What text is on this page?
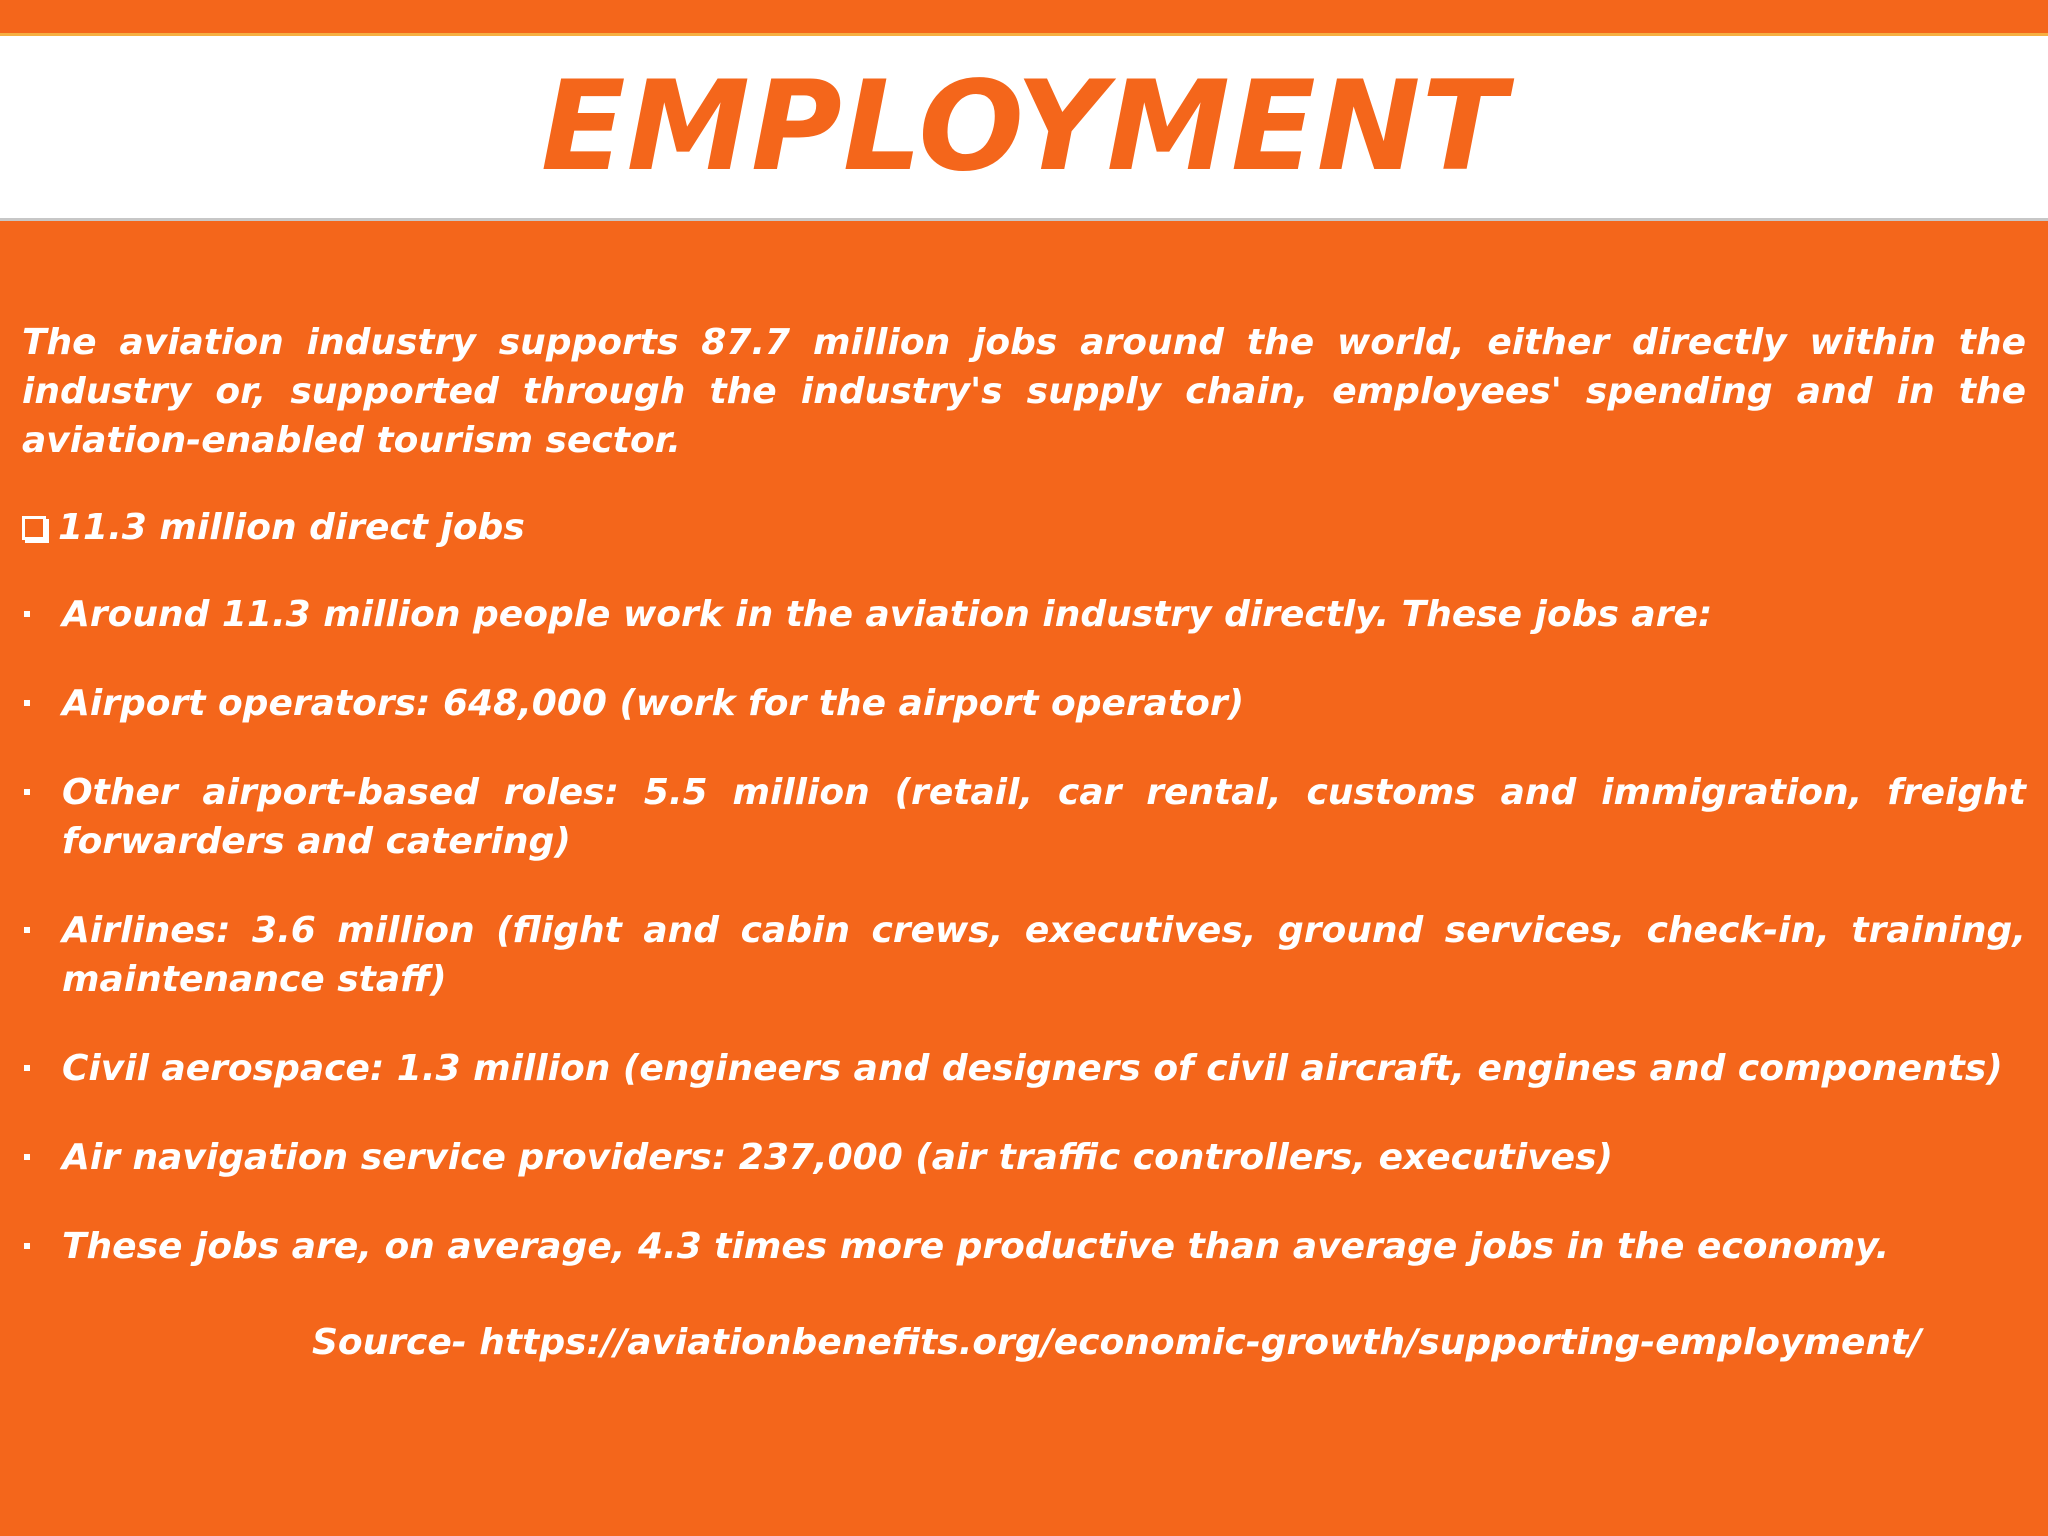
EMPLOYMENT

The aviation industry supports 87.7 million jobs around the world, either directly within the industry or, supported through the industry's supply chain, employees' spending and in the aviation-enabled tourism sector.

11.3 million direct jobs
Around 11.3 million people work in the aviation industry directly. These jobs are:
Airport operators: 648,000 (work for the airport operator)
Other airport-based roles: 5.5 million (retail, car rental, customs and immigration, freight forwarders and catering)
Airlines: 3.6 million (flight and cabin crews, executives, ground services, check-in, training, maintenance staff)
Civil aerospace: 1.3 million (engineers and designers of civil aircraft, engines and components)
Air navigation service providers: 237,000 (air traffic controllers, executives)
These jobs are, on average, 4.3 times more productive than average jobs in the economy.
Source- https://aviationbenefits.org/economic-growth/supporting-employment/
